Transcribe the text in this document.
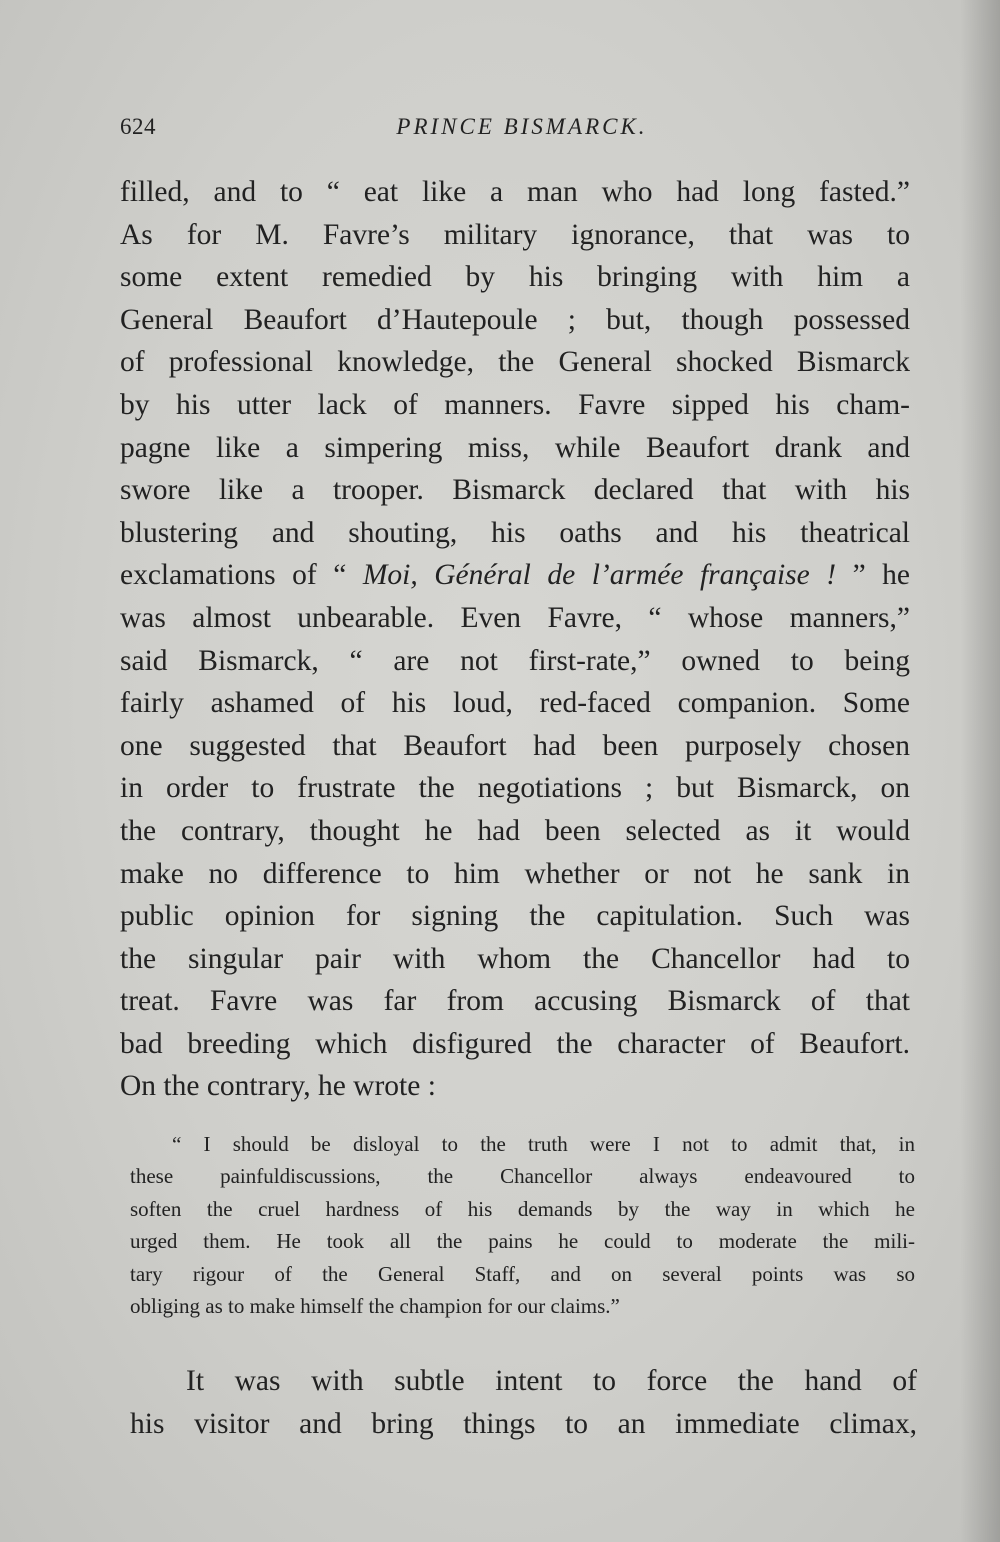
624	PRINCE BISMARCK.
filled, and to “ eat like a man who had long fasted.”
As for M. Favre’s military ignorance, that was to
some extent remedied by his bringing with him a
General Beaufort d’Hautepoule ; but, though possessed
of professional knowledge, the General shocked Bismarck
by his utter lack of manners. Favre sipped his cham-
pagne like a simpering miss, while Beaufort drank and
swore like a trooper. Bismarck declared that with his
blustering and shouting, his oaths and his theatrical
exclamations of “ Moi, Général de l’armée française ! ” he
was almost unbearable. Even Favre, “ whose manners,”
said Bismarck, “ are not first-rate,” owned to being
fairly ashamed of his loud, red-faced companion. Some
one suggested that Beaufort had been purposely chosen
in order to frustrate the negotiations ; but Bismarck, on
the contrary, thought he had been selected as it would
make no difference to him whether or not he sank in
public opinion for signing the capitulation. Such was
the singular pair with whom the Chancellor had to
treat. Favre was far from accusing Bismarck of that
bad breeding which disfigured the character of Beaufort.
On the contrary, he wrote :
“ I should be disloyal to the truth were I not to admit that, in
these painfuldiscussions, the Chancellor always endeavoured to
soften the cruel hardness of his demands by the way in which he
urged them. He took all the pains he could to moderate the mili-
tary rigour of the General Staff, and on several points was so
obliging as to make himself the champion for our claims.”
It was with subtle intent to force the hand of
his visitor and bring things to an immediate climax,
